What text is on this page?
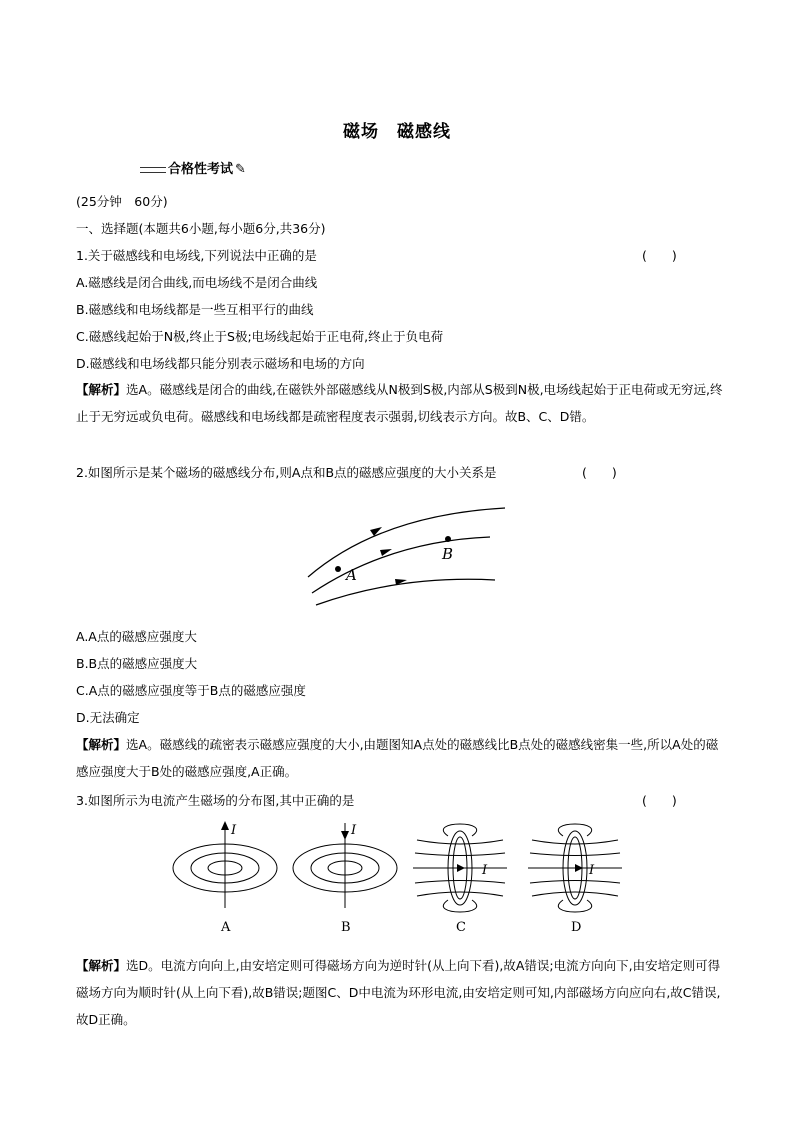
磁场　磁感线
合格性考试 ✎
(25分钟　60分)
一、选择题(本题共6小题,每小题6分,共36分)
1.关于磁感线和电场线,下列说法中正确的是	(　　)
A.磁感线是闭合曲线,而电场线不是闭合曲线
B.磁感线和电场线都是一些互相平行的曲线
C.磁感线起始于N极,终止于S极;电场线起始于正电荷,终止于负电荷
D.磁感线和电场线都只能分别表示磁场和电场的方向
【解析】选A。磁感线是闭合的曲线,在磁铁外部磁感线从N极到S极,内部从S极到N极,电场线起始于正电荷或无穷远,终止于无穷远或负电荷。磁感线和电场线都是疏密程度表示强弱,切线表示方向。故B、C、D错。
2.如图所示是某个磁场的磁感线分布,则A点和B点的磁感应强度的大小关系是	(　　)
A
B
A.A点的磁感应强度大
B.B点的磁感应强度大
C.A点的磁感应强度等于B点的磁感应强度
D.无法确定
【解析】选A。磁感线的疏密表示磁感应强度的大小,由题图知A点处的磁感线比B点处的磁感线密集一些,所以A处的磁感应强度大于B处的磁感应强度,A正确。
3.如图所示为电流产生磁场的分布图,其中正确的是	(　　)
I	I
I	I
A	B	C	D
【解析】选D。电流方向向上,由安培定则可得磁场方向为逆时针(从上向下看),故A错误;电流方向向下,由安培定则可得磁场方向为顺时针(从上向下看),故B错误;题图C、D中电流为环形电流,由安培定则可知,内部磁场方向应向右,故C错误,故D正确。
